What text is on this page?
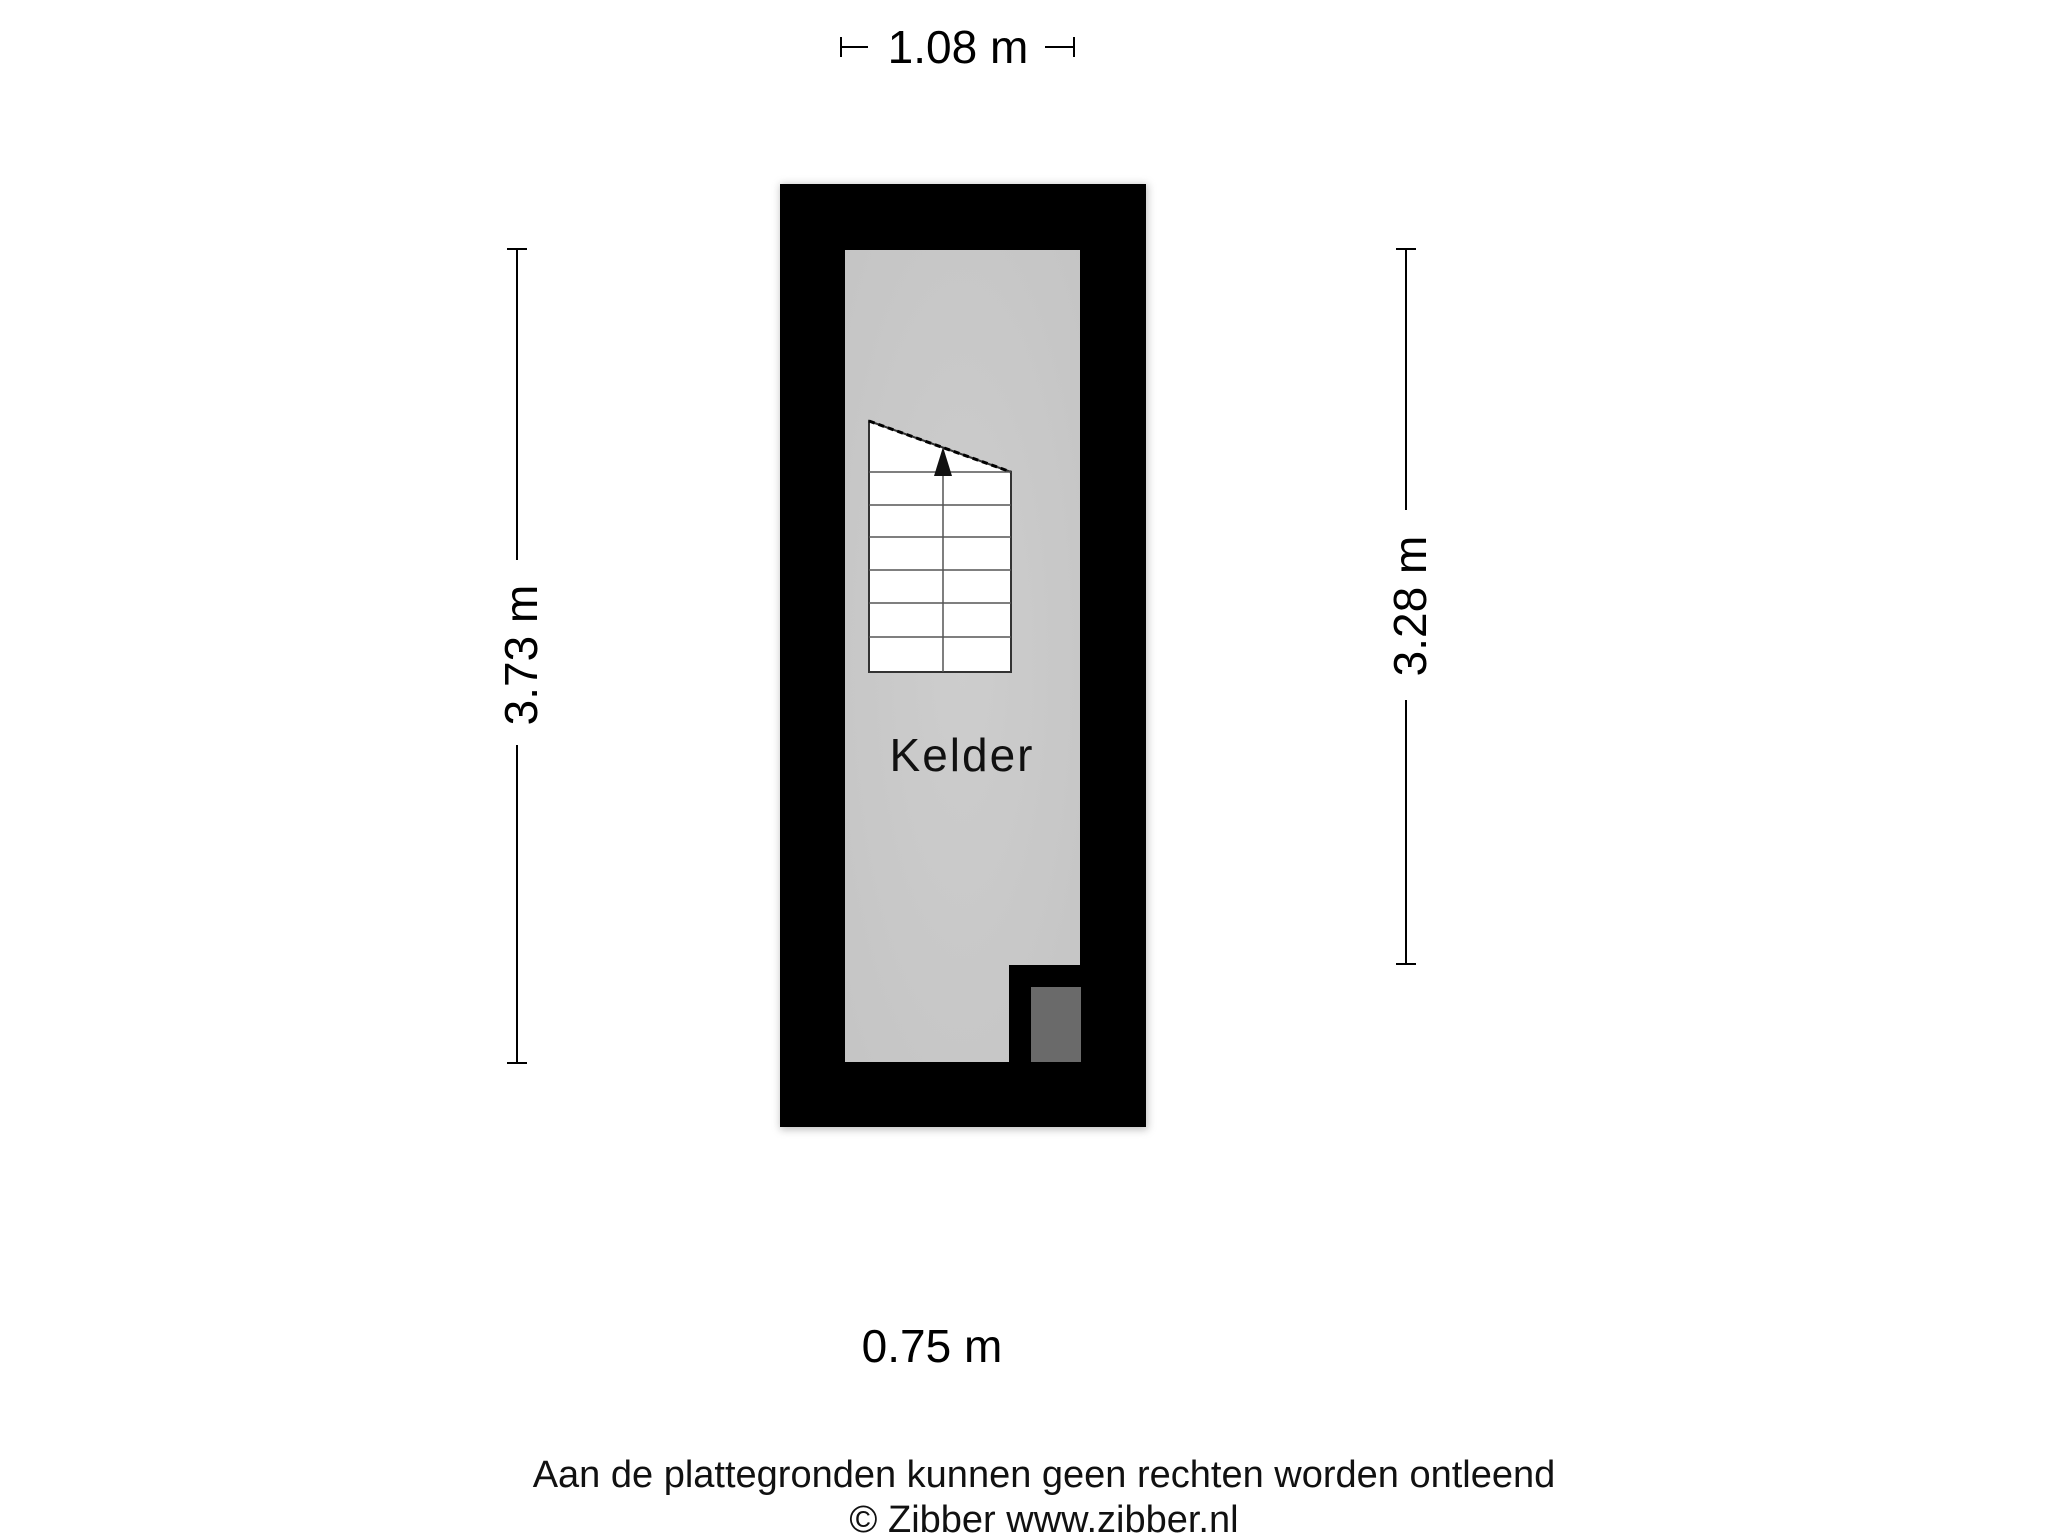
1.08 m
3.73 m	3.28 m
Kelder
0.75 m
Aan de plattegronden kunnen geen rechten worden ontleend
© Zibber www.zibber.nl
